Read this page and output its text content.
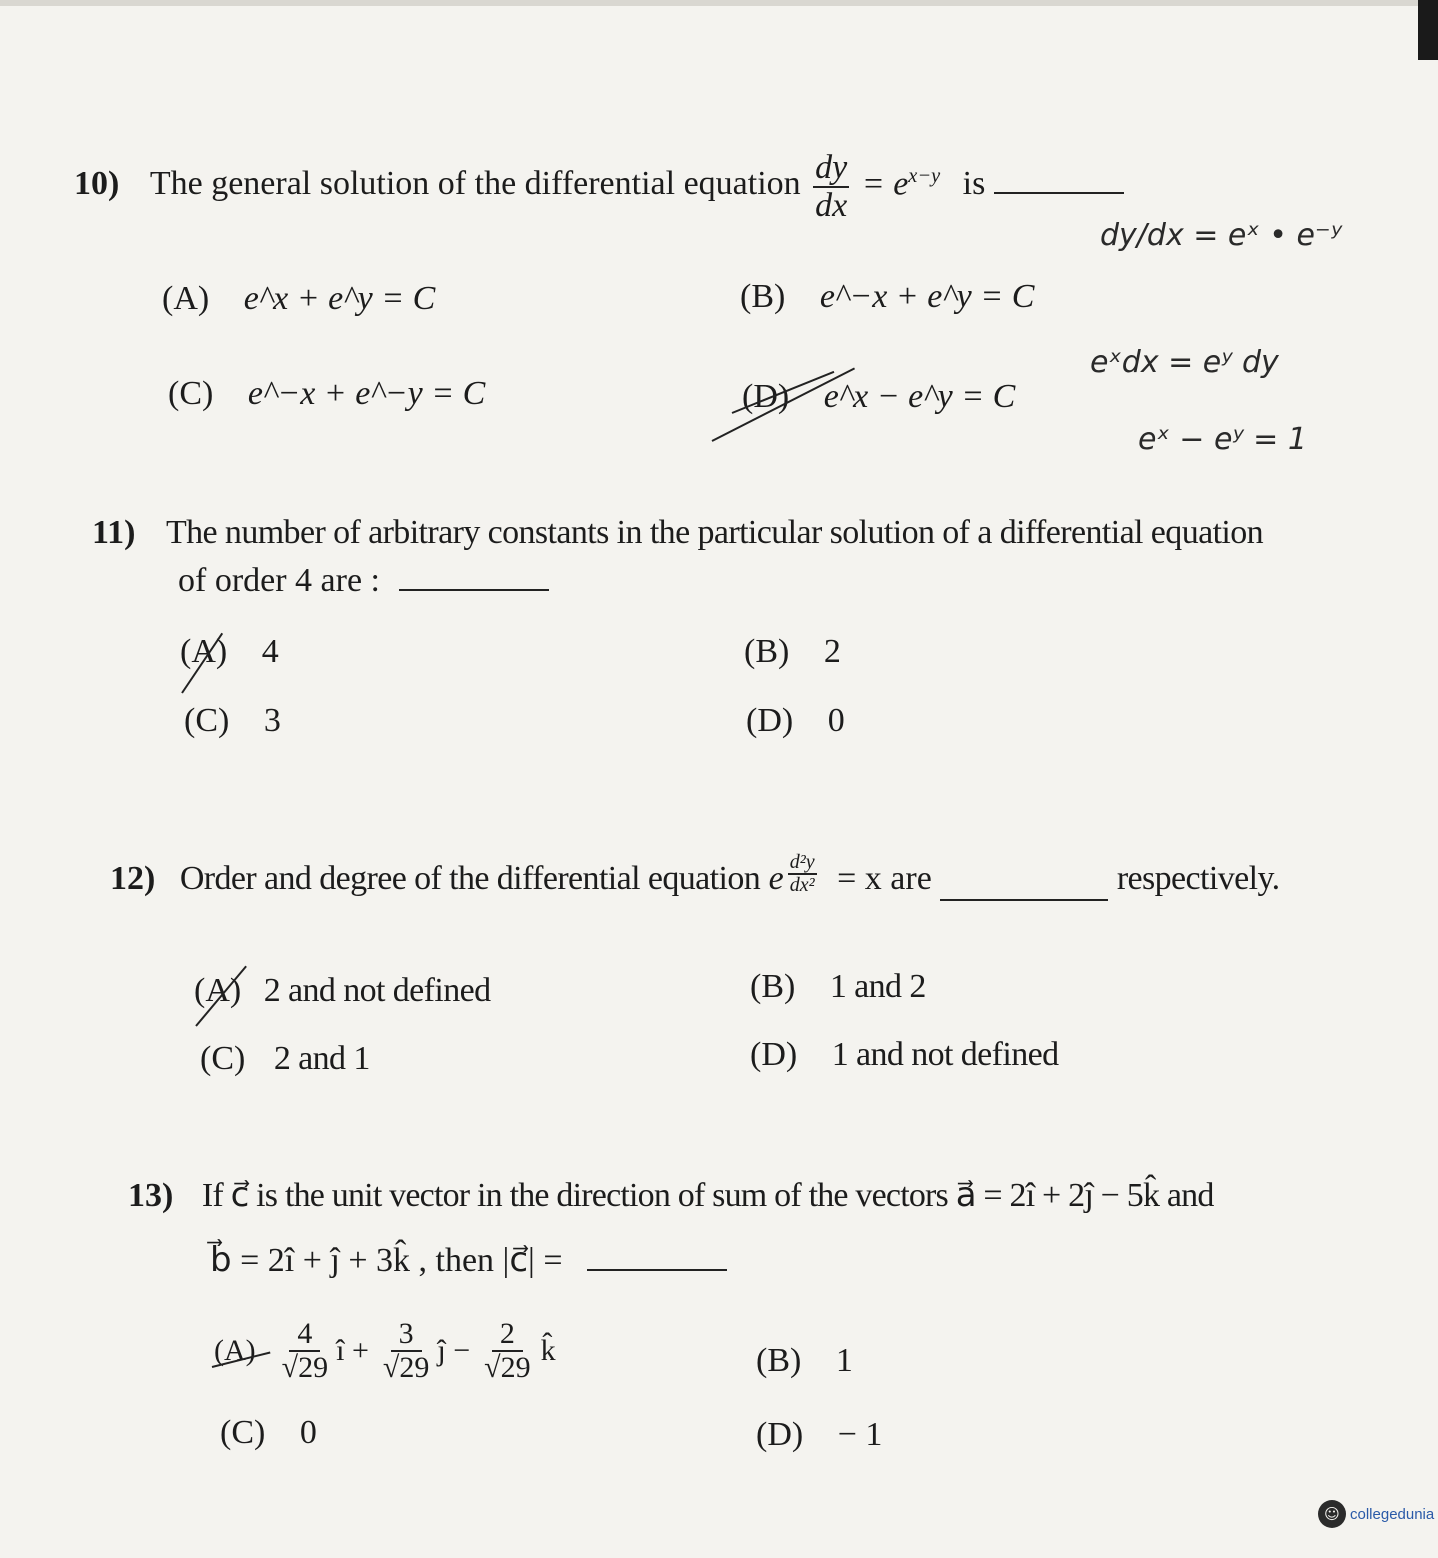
10) The general solution of the differential equation $\frac{dy}{dx} = e^{x-y}$ is
(A) e^x + e^y = C	(B) e^−x + e^y = C
(C) e^−x + e^−y = C	(D) e^x − e^y = C
dy/dx = eˣ • e⁻ʸ
eˣdx = eʸ dy
eˣ − eʸ = 1
11) The number of arbitrary constants in the particular solution of a differential equation
of order 4 are :
(A) 4	(B) 2
(C) 3	(D) 0
12) Order and degree of the differential equation e $\frac{\text{d²y}}{\text{dx²}} = x$ are	respectively.
(A) 2 and not defined	(B) 1 and 2
(C) 2 and 1	(D) 1 and not defined
13) If c⃗ is the unit vector in the direction of sum of the vectors a⃗ = 2î + 2ĵ − 5k̂ and
b⃗ = 2î + ĵ + 3k̂ , then |c⃗| =
$(A) \frac{4}{√29}$ î + $\frac{3}{√29}$ ĵ − $\frac{2}{√29}$ k̂	(B) 1
(C) 0	(D) − 1
☺ collegedunia
